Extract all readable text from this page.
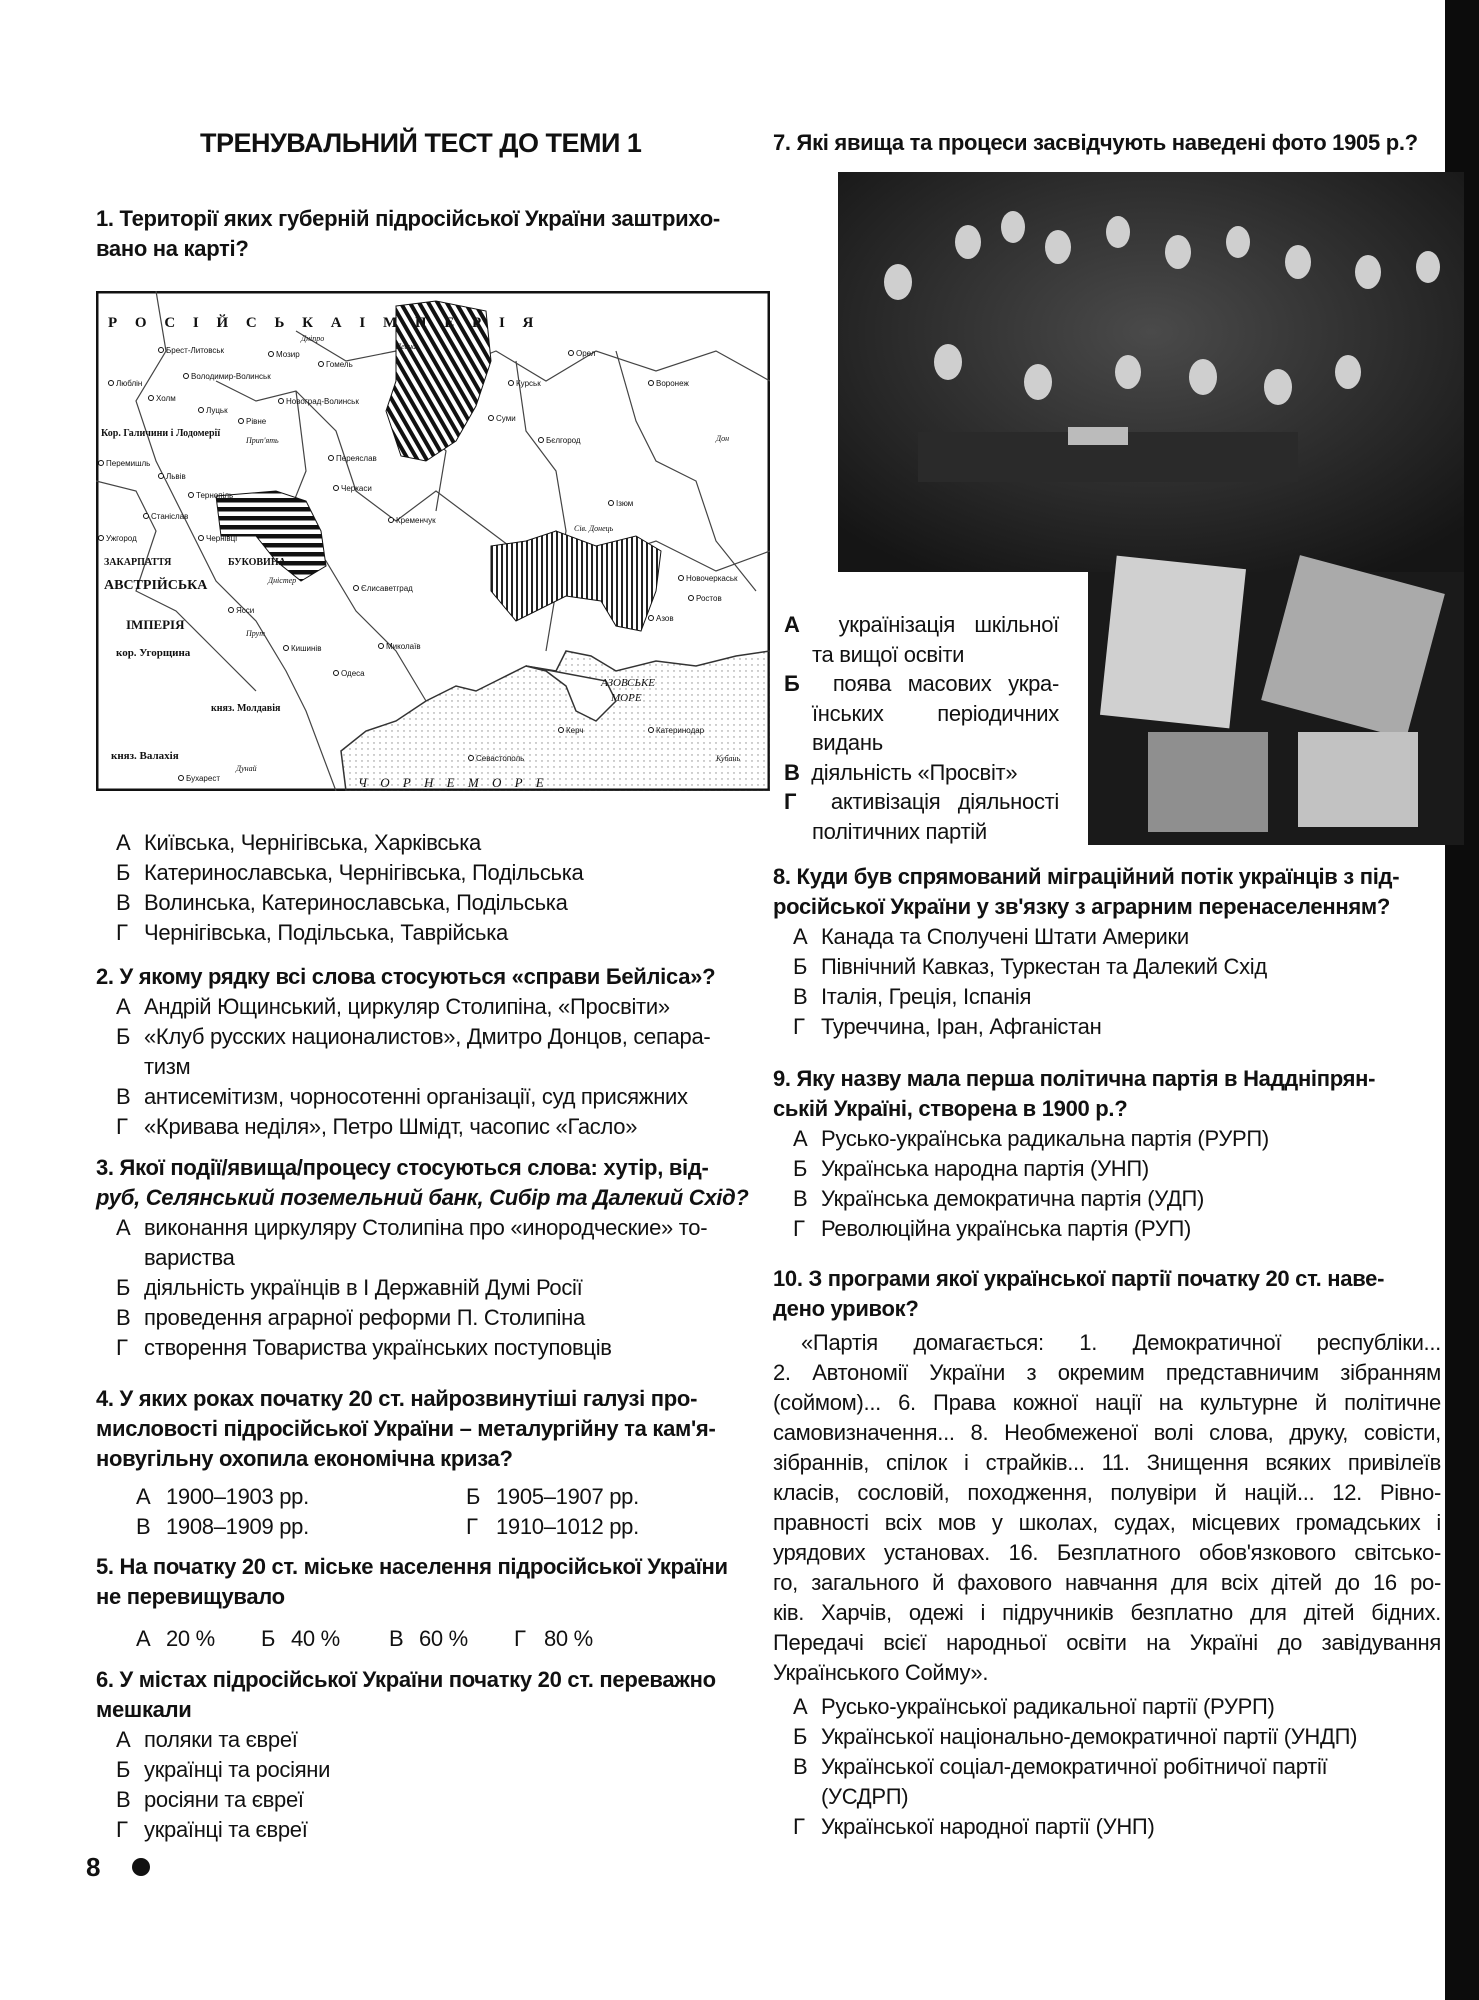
ТРЕНУВАЛЬНИЙ ТЕСТ ДО ТЕМИ 1
1. Території яких губерній підросійської України заштрихо-
вано на карті?
Р О С І Й С Ь К А І М П Е Р І Я
АВСТРІЙСЬКА
ІМПЕРІЯ
кор. Угорщина
княз. Валахія
княз. Молдавія
Ч О Р Н Е М О Р Е
АЗОВСЬКЕ
МОРЕ
Кор. Галичини і Лодомерії
ЗАКАРПАТТЯ	БУКОВИНА
Брест-Литовськ
Люблін
Холм
Володимир-Волинськ
Луцьк
Рівне
Новоград-Волинськ
Перемишль
Львів
Тернопіль
Станіслав
Чернівці
Ужгород
Ясси
Кишинів
Одеса
Миколаїв
Єлисаветград
Черкаси
Кременчук
Переяслав
Суми
Бєлгород
Курськ	Воронеж
Орел
Гомель
Мозир
Ізюм
Новочеркаськ
Ростов
Азов
Керч	Катеринодар
Севастополь
Бухарест
Прип'ять
Дніпро
Дністер
Прут
Дунай
Сів. Донець
Десна
Дон
Кубань
А Київська, Чернігівська, Харківська
Б Катеринославська, Чернігівська, Подільська
В Волинська, Катеринославська, Подільська
Г Чернігівська, Подільська, Таврійська
2. У якому рядку всі слова стосуються «справи Бейліса»?
А Андрій Ющинський, циркуляр Столипіна, «Просвіти»
Б «Клуб русских националистов», Дмитро Донцов, сепара-
тизм
В антисемітизм, чорносотенні організації, суд присяжних
Г «Кривава неділя», Петро Шмідт, часопис «Гасло»
3. Якої події/явища/процесу стосуються слова: хутір, від-
руб, Селянський поземельний банк, Сибір та Далекий Схід?
А виконання циркуляру Столипіна про «инородческие» то-
вариства
Б діяльність українців в І Державній Думі Росії
В проведення аграрної реформи П. Столипіна
Г створення Товариства українських поступовців
4. У яких роках початку 20 ст. найрозвинутіші галузі про-
мисловості підросійської України – металургійну та кам'я-
новугільну охопила економічна криза?
А 1900–1903 рр.	Б 1905–1907 рр.
В 1908–1909 рр.	Г 1910–1012 рр.
5. На початку 20 ст. міське населення підросійської України
не перевищувало
А 20 %	Б 40 %	В 60 %	Г 80 %
6. У містах підросійської України початку 20 ст. переважно
мешкали
А поляки та євреї
Б українці та росіяни
В росіяни та євреї
Г українці та євреї
8
7. Які явища та процеси засвідчують наведені фото 1905 р.?
А українізація шкільної
та вищої освіти
Б поява масових укра-
їнських періодичних
видань
В діяльність «Просвіт»
Г активізація діяльності
політичних партій
8. Куди був спрямований міграційний потік українців з під-
російської України у зв'язку з аграрним перенаселенням?
А Канада та Сполучені Штати Америки
Б Північний Кавказ, Туркестан та Далекий Схід
В Італія, Греція, Іспанія
Г Туреччина, Іран, Афганістан
9. Яку назву мала перша політична партія в Наддніпрян-
ській Україні, створена в 1900 р.?
А Русько-українська радикальна партія (РУРП)
Б Українська народна партія (УНП)
В Українська демократична партія (УДП)
Г Революційна українська партія (РУП)
10. З програми якої української партії початку 20 ст. наве-
дено уривок?
«Партія домагається: 1. Демократичної республіки...
2. Автономії України з окремим представничим зібранням
(соймом)... 6. Права кожної нації на культурне й політичне
самовизначення... 8. Необмеженої волі слова, друку, совісти,
зібраннів, спілок і страйків... 11. Знищення всяких привілеїв
класів, сословій, походження, полувіри й націй... 12. Рівно-
правності всіх мов у школах, судах, місцевих громадських і
урядових установах. 16. Безплатного обов'язкового світсько-
го, загального й фахового навчання для всіх дітей до 16 ро-
ків. Харчів, одежі і підручників безплатно для дітей бідних.
Передачі всієї народньої освіти на Україні до завідування
Українського Сойму».
А Русько-української радикальної партії (РУРП)
Б Української національно-демократичної партії (УНДП)
В Української соціал-демократичної робітничої партії
(УСДРП)
Г Української народної партії (УНП)
